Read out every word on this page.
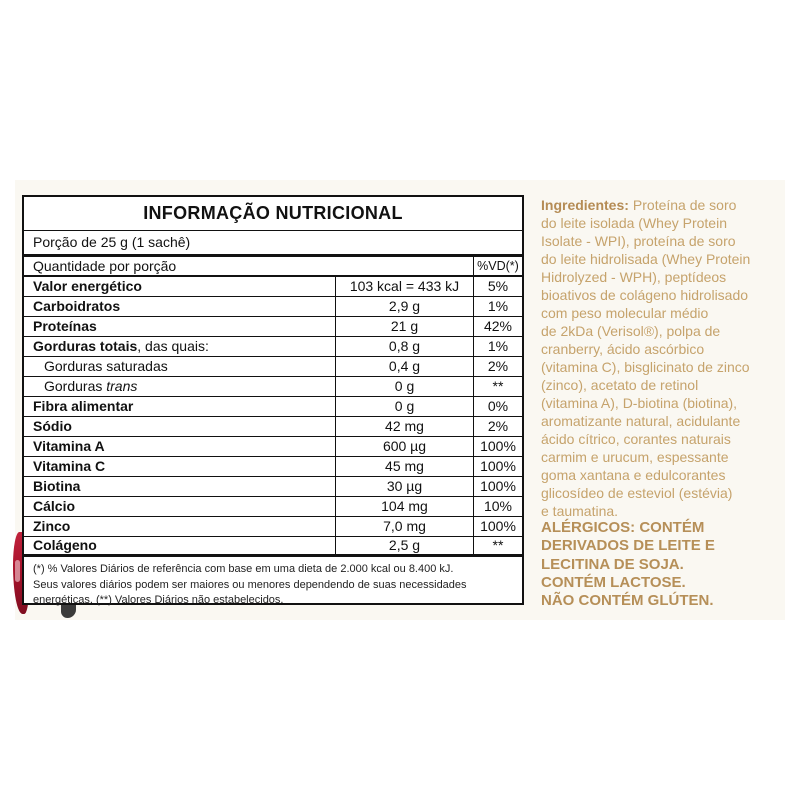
INFORMAÇÃO NUTRICIONAL
Porção de 25 g (1 sachê)
Quantidade por porção	%VD(*)
Valor energético	103 kcal = 433 kJ	5%
Carboidratos	2,9 g	1%
Proteínas	21 g	42%
Gorduras totais, das quais:	0,8 g	1%
Gorduras saturadas	0,4 g	2%
Gorduras trans	0 g	**
Fibra alimentar	0 g	0%
Sódio	42 mg	2%
Vitamina A	600 µg	100%
Vitamina C	45 mg	100%
Biotina	30 µg	100%
Cálcio	104 mg	10%
Zinco	7,0 mg	100%
Colágeno	2,5 g	**
(*) % Valores Diários de referência com base em uma dieta de 2.000 kcal ou 8.400 kJ.
Seus valores diários podem ser maiores ou menores dependendo de suas necessidades
energéticas. (**) Valores Diários não estabelecidos.
Ingredientes: Proteína de soro
do leite isolada (Whey Protein
Isolate - WPI), proteína de soro
do leite hidrolisada (Whey Protein
Hidrolyzed - WPH), peptídeos
bioativos de colágeno hidrolisado
com peso molecular médio
de 2kDa (Verisol®), polpa de
cranberry, ácido ascórbico
(vitamina C), bisglicinato de zinco
(zinco), acetato de retinol
(vitamina A), D-biotina (biotina),
aromatizante natural, acidulante
ácido cítrico, corantes naturais
carmim e urucum, espessante
goma xantana e edulcorantes
glicosídeo de esteviol (estévia)
e taumatina.
ALÉRGICOS: CONTÉM
DERIVADOS DE LEITE E
LECITINA DE SOJA.
CONTÉM LACTOSE.
NÃO CONTÉM GLÚTEN.
